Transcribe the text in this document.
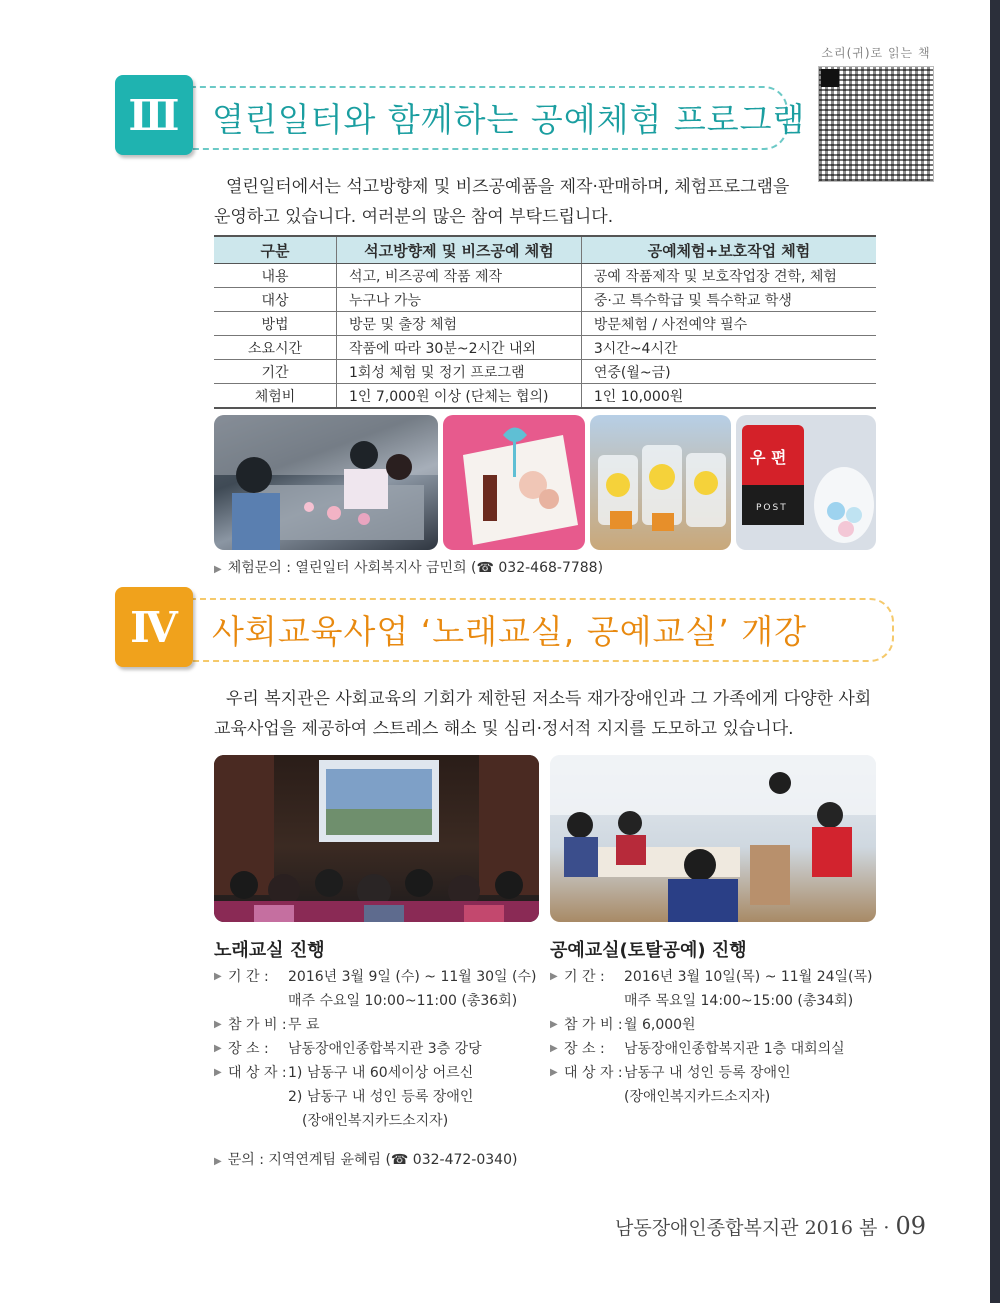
소리(귀)로 읽는 책
Ⅲ 열린일터와 함께하는 공예체험 프로그램
열린일터에서는 석고방향제 및 비즈공예품을 제작·판매하며, 체험프로그램을
운영하고 있습니다. 여러분의 많은 참여 부탁드립니다.
구분	석고방향제 및 비즈공예 체험	공예체험+보호작업 체험
내용	석고, 비즈공예 작품 제작	공예 작품제작 및 보호작업장 견학, 체험
대상	누구나 가능	중·고 특수학급 및 특수학교 학생
방법	방문 및 출장 체험	방문체험 / 사전예약 필수
소요시간	작품에 따라 30분~2시간 내외	3시간~4시간
기간	1회성 체험 및 정기 프로그램	연중(월~금)
체험비	1인 7,000원 이상 (단체는 협의)	1인 10,000원
우 편
POST
▶ 체험문의 : 열린일터 사회복지사 금민희 (☎ 032-468-7788)
Ⅳ 사회교육사업 ‘노래교실, 공예교실’ 개강
우리 복지관은 사회교육의 기회가 제한된 저소득 재가장애인과 그 가족에게 다양한 사회
교육사업을 제공하여 스트레스 해소 및 심리·정서적 지지를 도모하고 있습니다.
노래교실 진행
▶ 기 간 : 2016년 3월 9일 (수) ~ 11월 30일 (수)
매주 수요일 10:00~11:00 (총36회)
▶ 참 가 비 : 무 료
▶ 장 소 : 남동장애인종합복지관 3층 강당
▶ 대 상 자 : 1) 남동구 내 60세이상 어르신
2) 남동구 내 성인 등록 장애인
(장애인복지카드소지자)
공예교실(토탈공예) 진행
▶ 기 간 : 2016년 3월 10일(목) ~ 11월 24일(목)
매주 목요일 14:00~15:00 (총34회)
▶ 참 가 비 : 월 6,000원
▶ 장 소 : 남동장애인종합복지관 1층 대회의실
▶ 대 상 자 : 남동구 내 성인 등록 장애인
(장애인복지카드소지자)
▶ 문의 : 지역연계팀 윤혜림 (☎ 032-472-0340)
남동장애인종합복지관 2016 봄 · 09
